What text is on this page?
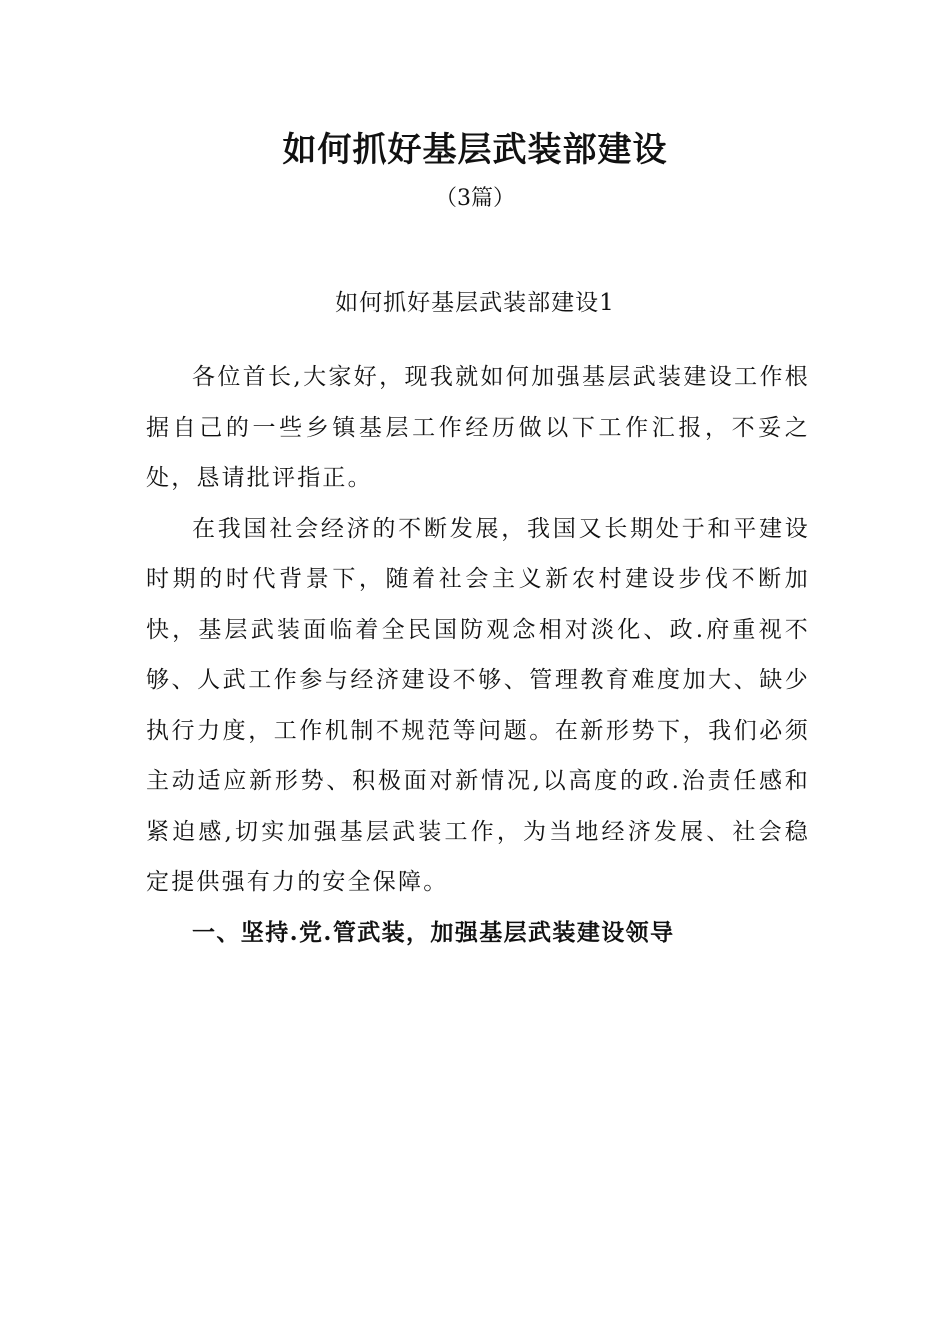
如何抓好基层武装部建设
（3篇）
如何抓好基层武装部建设1

各位首长,大家好，现我就如何加强基层武装建设工作根据自己的一些乡镇基层工作经历做以下工作汇报，不妥之处，恳请批评指正。

在我国社会经济的不断发展，我国又长期处于和平建设时期的时代背景下，随着社会主义新农村建设步伐不断加快，基层武装面临着全民国防观念相对淡化、政.府重视不够、人武工作参与经济建设不够、管理教育难度加大、缺少执行力度，工作机制不规范等问题。在新形势下，我们必须主动适应新形势、积极面对新情况,以高度的政.治责任感和紧迫感,切实加强基层武装工作，为当地经济发展、社会稳定提供强有力的安全保障。

一、坚持.党.管武装，加强基层武装建设领导
